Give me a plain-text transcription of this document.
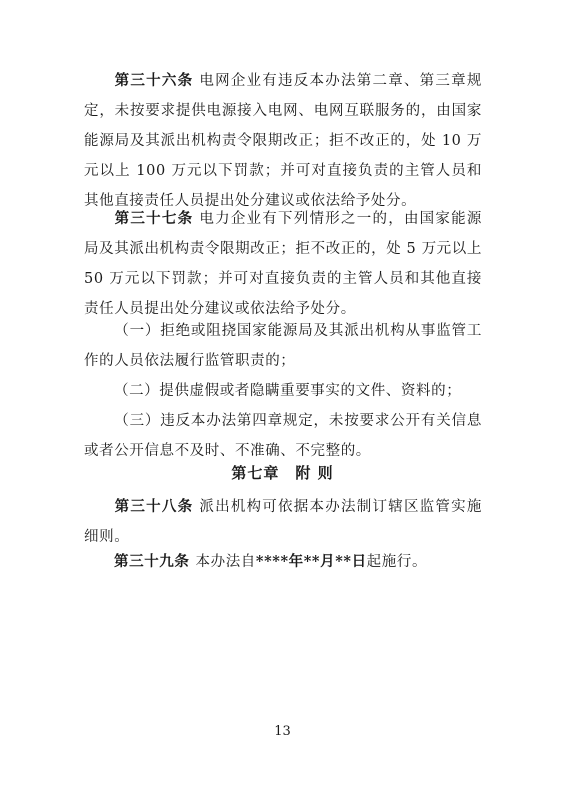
第三十六条 电网企业有违反本办法第二章、第三章规定，未按要求提供电源接入电网、电网互联服务的，由国家能源局及其派出机构责令限期改正；拒不改正的，处 10 万元以上 100 万元以下罚款；并可对直接负责的主管人员和其他直接责任人员提出处分建议或依法给予处分。
第三十七条 电力企业有下列情形之一的，由国家能源局及其派出机构责令限期改正；拒不改正的，处 5 万元以上 50 万元以下罚款；并可对直接负责的主管人员和其他直接责任人员提出处分建议或依法给予处分。
（一）拒绝或阻挠国家能源局及其派出机构从事监管工作的人员依法履行监管职责的；
（二）提供虚假或者隐瞒重要事实的文件、资料的；
（三）违反本办法第四章规定，未按要求公开有关信息或者公开信息不及时、不准确、不完整的。
第七章 附 则
第三十八条 派出机构可依据本办法制订辖区监管实施细则。
第三十九条 本办法自****年**月**日起施行。
13
